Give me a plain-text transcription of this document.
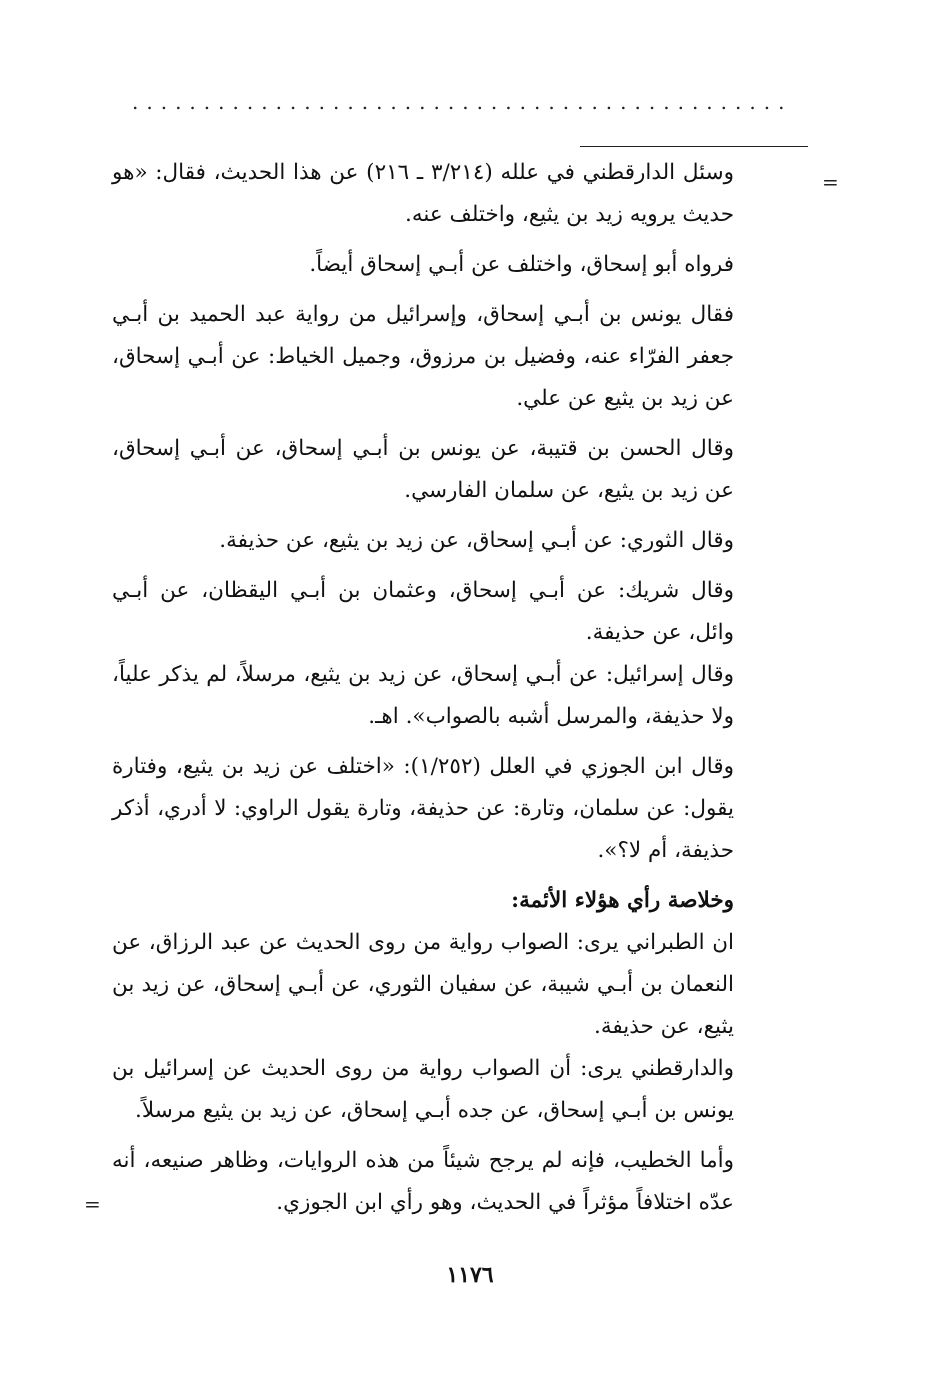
..............................................
=
=

وسئل الدارقطني في علله (٣/٢١٤ ـ ٢١٦) عن هذا الحديث، فقال: «هو حديث يرويه زيد بن يثيع، واختلف عنه.

فرواه أبو إسحاق، واختلف عن أبـي إسحاق أيضاً.

فقال يونس بن أبـي إسحاق، وإسرائيل من رواية عبد الحميد بن أبـي جعفر الفرّاء عنه، وفضيل بن مرزوق، وجميل الخياط: عن أبـي إسحاق، عن زيد بن يثيع عن علي.

وقال الحسن بن قتيبة، عن يونس بن أبـي إسحاق، عن أبـي إسحاق، عن زيد بن يثيع، عن سلمان الفارسي.

وقال الثوري: عن أبـي إسحاق، عن زيد بن يثيع، عن حذيفة.

وقال شريك: عن أبـي إسحاق، وعثمان بن أبـي اليقظان، عن أبـي وائل، عن حذيفة.

وقال إسرائيل: عن أبـي إسحاق، عن زيد بن يثيع، مرسلاً، لم يذكر علياً، ولا حذيفة، والمرسل أشبه بالصواب». اهـ.

وقال ابن الجوزي في العلل (١/٢٥٢): «اختلف عن زيد بن يثيع، وفتارة يقول: عن سلمان، وتارة: عن حذيفة، وتارة يقول الراوي: لا أدري، أذكر حذيفة، أم لا؟».

وخلاصة رأي هؤلاء الأئمة:

ان الطبراني يرى: الصواب رواية من روى الحديث عن عبد الرزاق، عن النعمان بن أبـي شيبة، عن سفيان الثوري، عن أبـي إسحاق، عن زيد بن يثيع، عن حذيفة.

والدارقطني يرى: أن الصواب رواية من روى الحديث عن إسرائيل بن يونس بن أبـي إسحاق، عن جده أبـي إسحاق، عن زيد بن يثيع مرسلاً.

وأما الخطيب، فإنه لم يرجح شيئاً من هذه الروايات، وظاهر صنيعه، أنه عدّه اختلافاً مؤثراً في الحديث، وهو رأي ابن الجوزي.

١١٧٦
